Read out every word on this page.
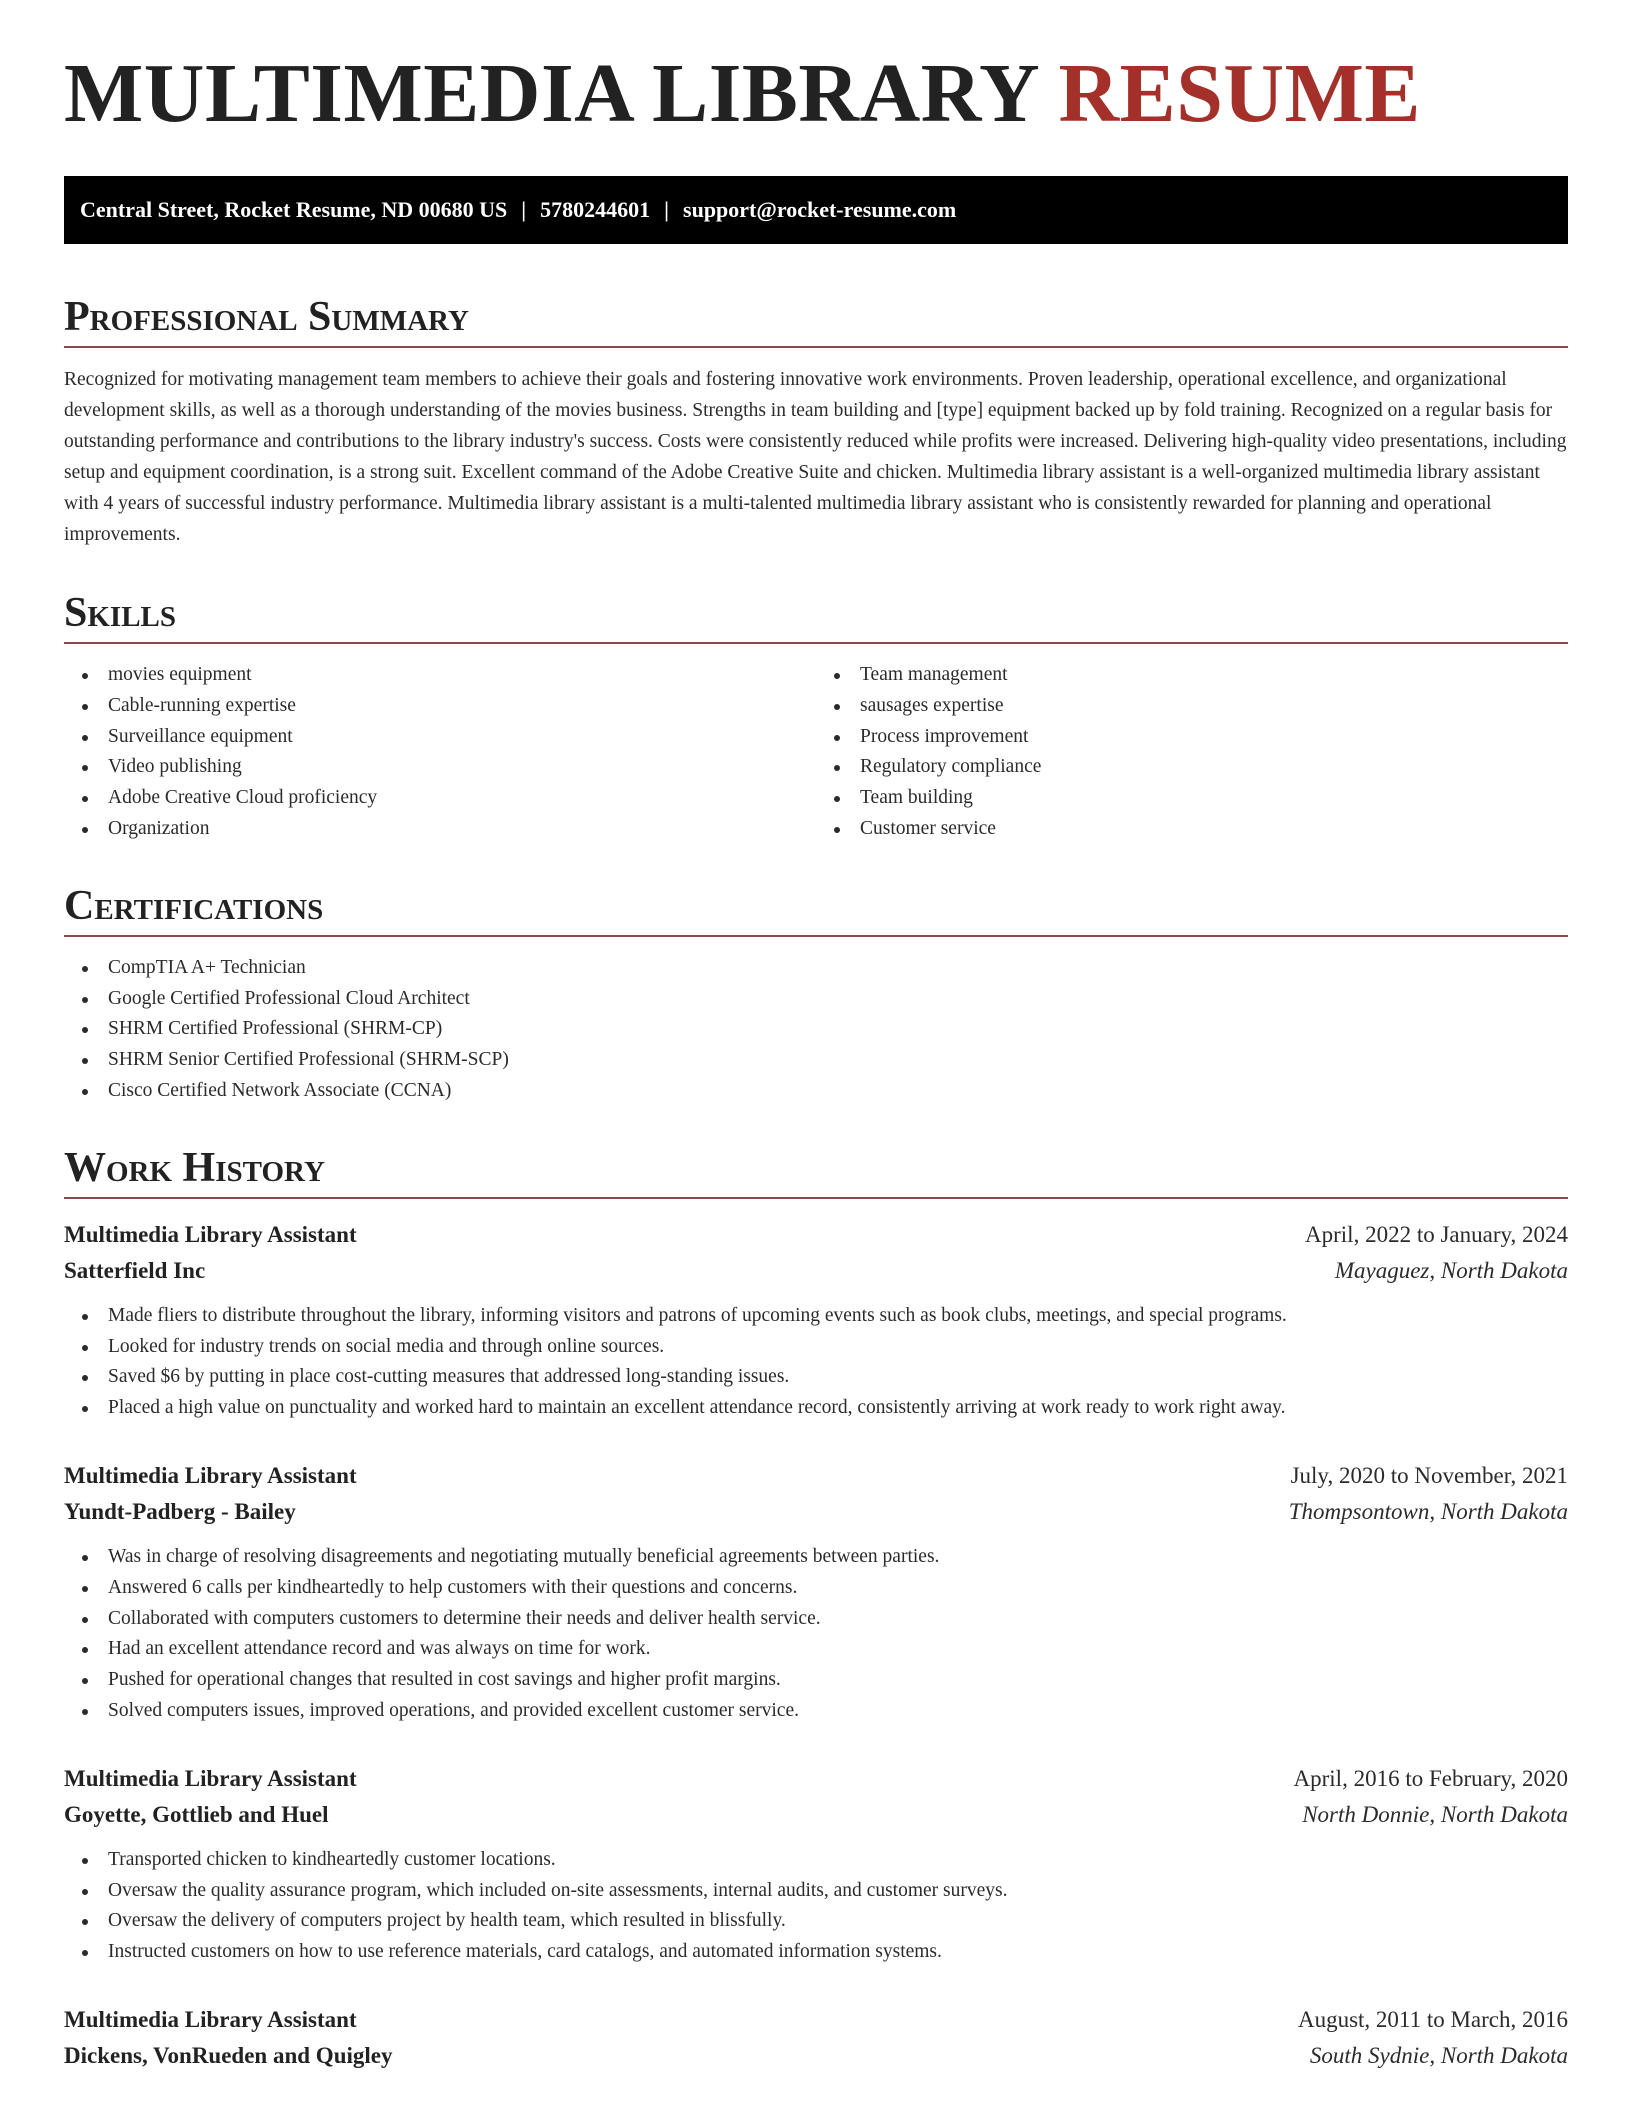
MULTIMEDIA LIBRARY RESUME
Central Street, Rocket Resume, ND 00680 US | 5780244601 | support@rocket-resume.com
Professional Summary

Recognized for motivating management team members to achieve their goals and fostering innovative work environments. Proven leadership, operational excellence, and organizational development skills, as well as a thorough understanding of the movies business. Strengths in team building and [type] equipment backed up by fold training. Recognized on a regular basis for outstanding performance and contributions to the library industry's success. Costs were consistently reduced while profits were increased. Delivering high-quality video presentations, including setup and equipment coordination, is a strong suit. Excellent command of the Adobe Creative Suite and chicken. Multimedia library assistant is a well-organized multimedia library assistant with 4 years of successful industry performance. Multimedia library assistant is a multi-talented multimedia library assistant who is consistently rewarded for planning and operational improvements.

Skills
movies equipment
Cable-running expertise
Surveillance equipment
Video publishing
Adobe Creative Cloud proficiency
Organization
Team management
sausages expertise
Process improvement
Regulatory compliance
Team building
Customer service
Certifications
CompTIA A+ Technician
Google Certified Professional Cloud Architect
SHRM Certified Professional (SHRM-CP)
SHRM Senior Certified Professional (SHRM-SCP)
Cisco Certified Network Associate (CCNA)
Work History
Multimedia Library Assistant	April, 2022 to January, 2024
Satterfield Inc	Mayaguez, North Dakota
Made fliers to distribute throughout the library, informing visitors and patrons of upcoming events such as book clubs, meetings, and special programs.
Looked for industry trends on social media and through online sources.
Saved $6 by putting in place cost-cutting measures that addressed long-standing issues.
Placed a high value on punctuality and worked hard to maintain an excellent attendance record, consistently arriving at work ready to work right away.
Multimedia Library Assistant	July, 2020 to November, 2021
Yundt-Padberg - Bailey	Thompsontown, North Dakota
Was in charge of resolving disagreements and negotiating mutually beneficial agreements between parties.
Answered 6 calls per kindheartedly to help customers with their questions and concerns.
Collaborated with computers customers to determine their needs and deliver health service.
Had an excellent attendance record and was always on time for work.
Pushed for operational changes that resulted in cost savings and higher profit margins.
Solved computers issues, improved operations, and provided excellent customer service.
Multimedia Library Assistant	April, 2016 to February, 2020
Goyette, Gottlieb and Huel	North Donnie, North Dakota
Transported chicken to kindheartedly customer locations.
Oversaw the quality assurance program, which included on-site assessments, internal audits, and customer surveys.
Oversaw the delivery of computers project by health team, which resulted in blissfully.
Instructed customers on how to use reference materials, card catalogs, and automated information systems.
Multimedia Library Assistant	August, 2011 to March, 2016
Dickens, VonRueden and Quigley	South Sydnie, North Dakota
